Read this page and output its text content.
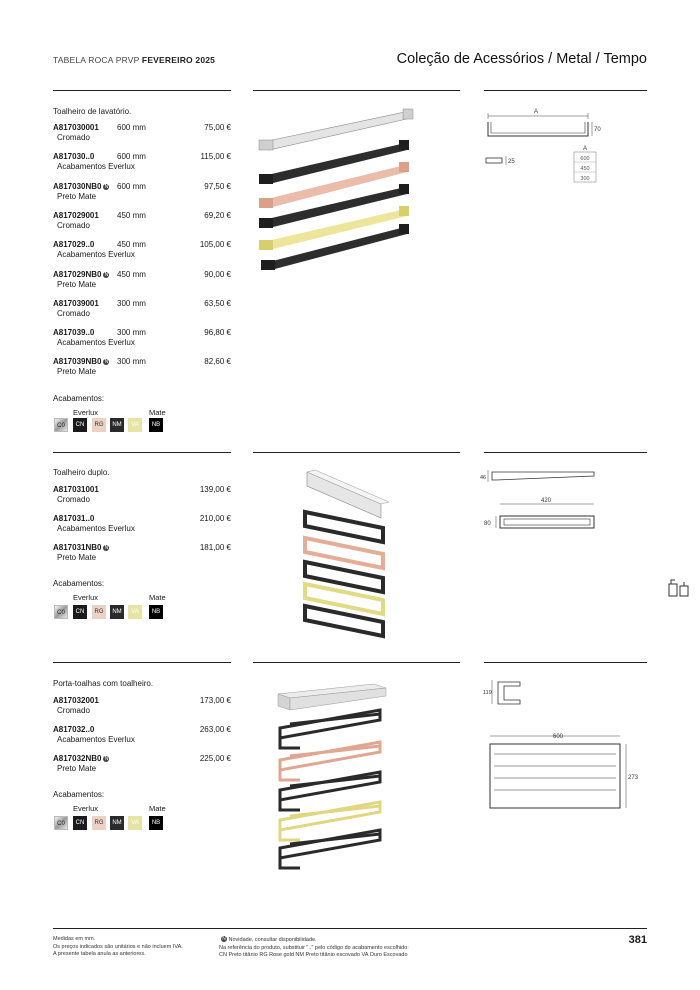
TABELA ROCA PRVP FEVEREIRO 2025	Coleção de Acessórios / Metal / Tempo
Toalheiro de lavatório.
A817030001 600 mm	75,00 €
Cromado
A817030..0	600 mm	115,00 €
Acabamentos Everlux
A817030NB0 N 600 mm	97,50 €
Preto Mate
A817029001 450 mm	69,20 €
Cromado
A817029..0	450 mm	105,00 €
Acabamentos Everlux
A817029NB0 N 450 mm	90,00 €
Preto Mate
A817039001 300 mm	63,50 €
Cromado
A817039..0	300 mm	96,80 €
Acabamentos Everlux
A817039NB0 N 300 mm	82,60 €
Preto Mate
Acabamentos:
Everlux	Mate
C0	CN	RG	NM	VA	NB
Toalheiro duplo.
A817031001	139,00 €
Cromado
A817031..0	210,00 €
Acabamentos Everlux
A817031NB0 N	181,00 €
Preto Mate
Acabamentos:
Everlux	Mate
C0	CN	RG	NM	VA	NB
Porta-toalhas com toalheiro.
A817032001	173,00 €
Cromado
A817032..0	263,00 €
Acabamentos Everlux
A817032NB0 N	225,00 €
Preto Mate
Acabamentos:
Everlux	Mate
C0	CN	RG	NM	VA	NB
A
70
25
A
600
450
300
46
420
80
119
600
273
Medidas em mm.
Os preços indicados são unitários e não incluem IVA.
A presente tabela anula as anteriores.
N Novidade, consultar disponibilidade.
Na referência do produto, substituir ".." pelo código do acabamento escolhido:
CN Preto titânio RG Rose gold NM Preto titânio escovado VA Ouro Escovado
381
